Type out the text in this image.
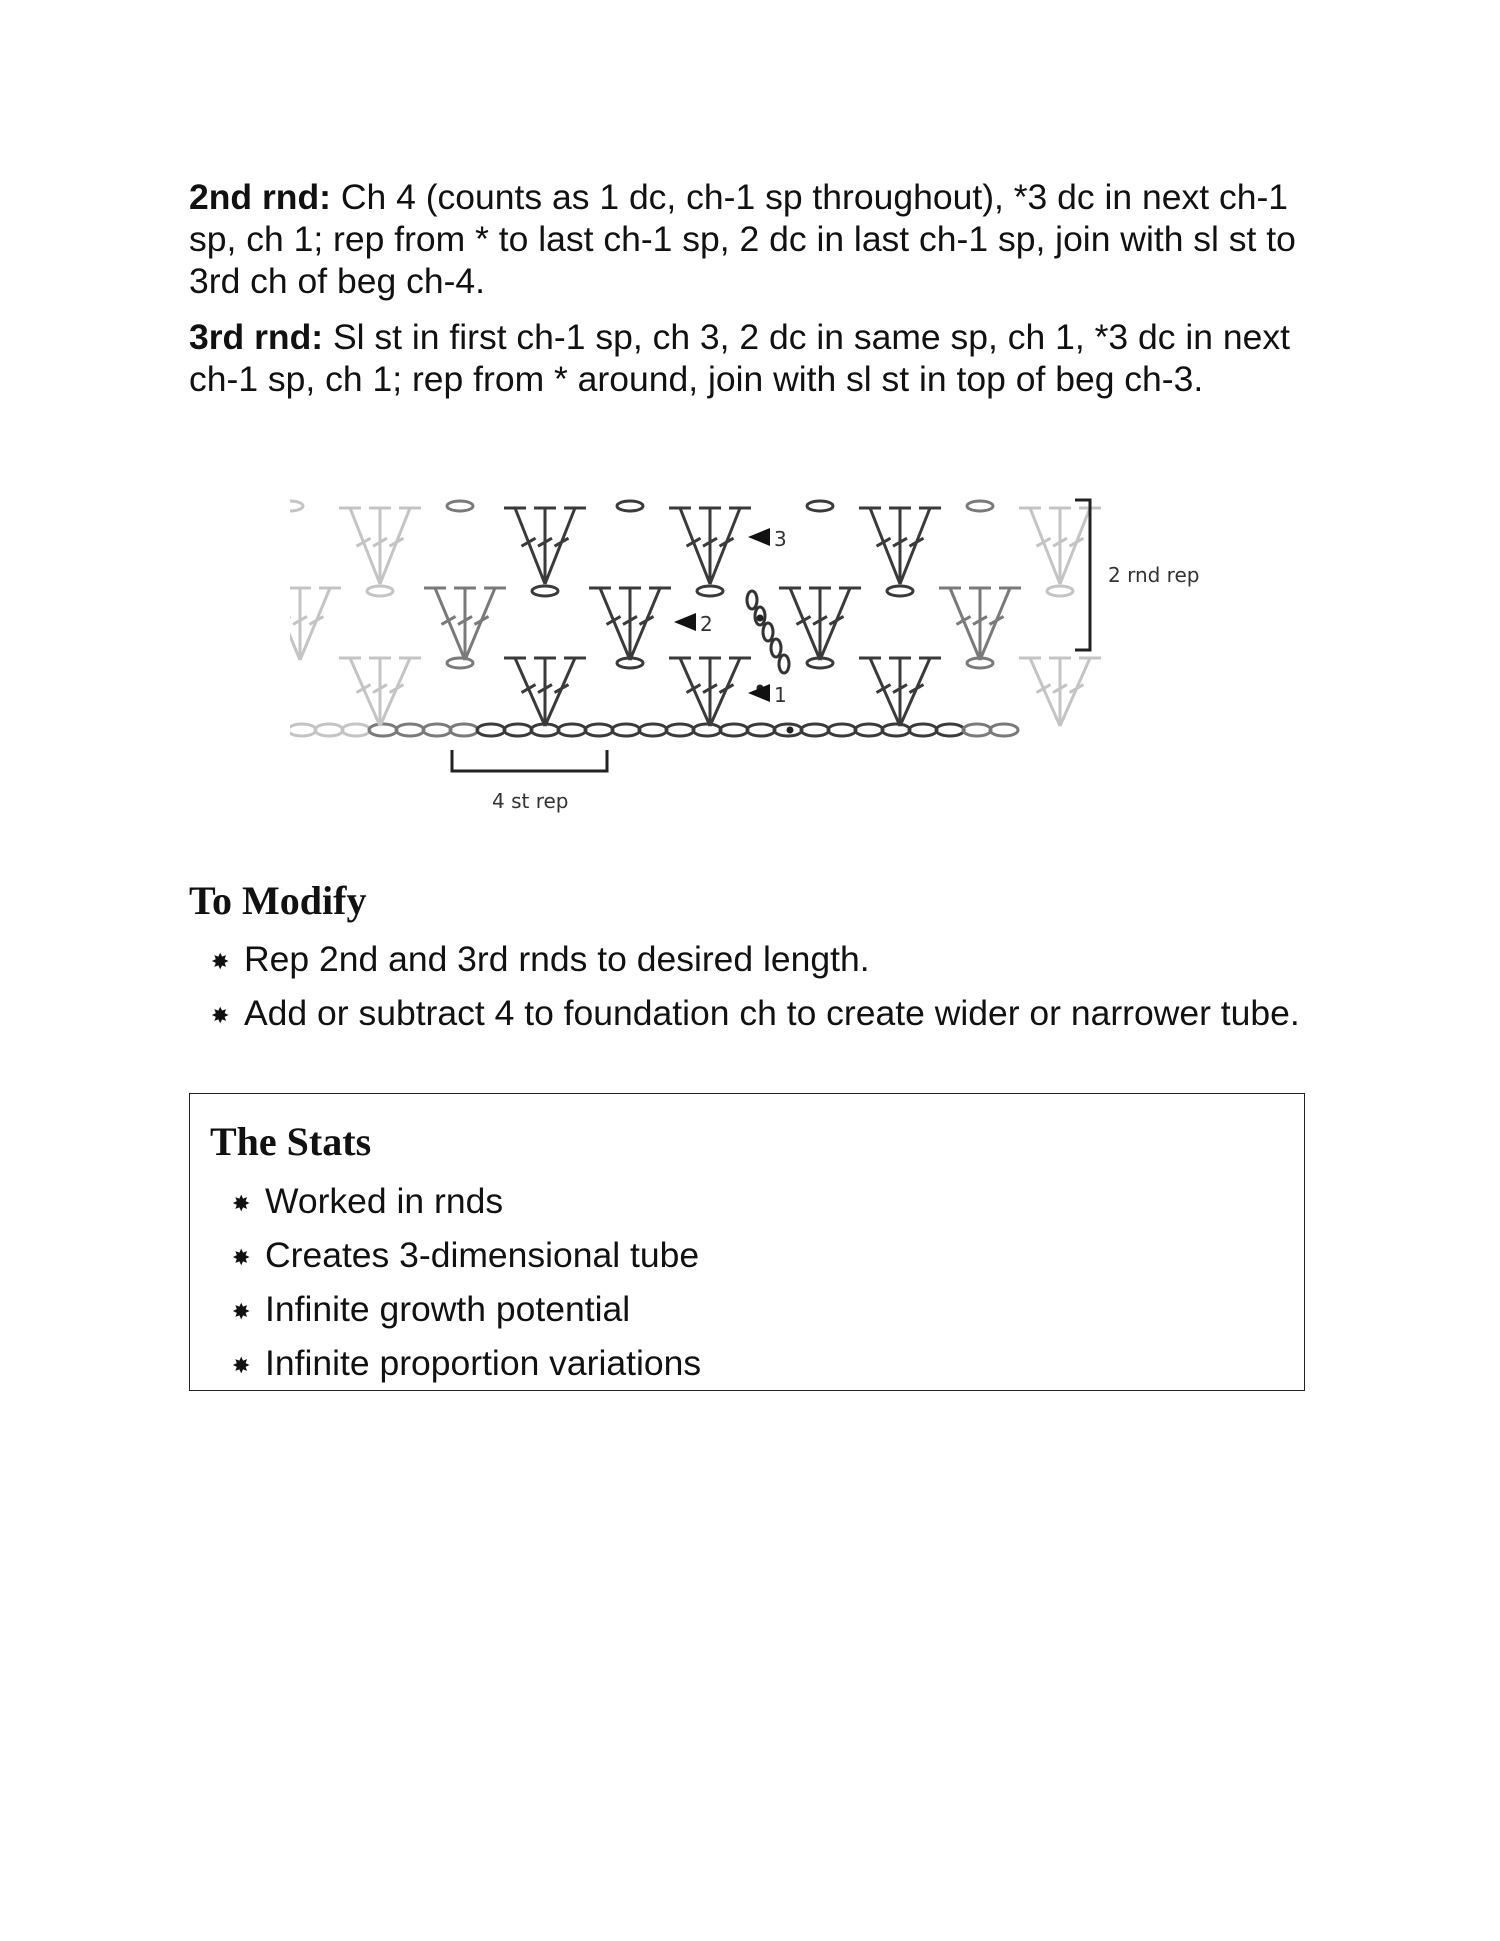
2nd rnd: Ch 4 (counts as 1 dc, ch-1 sp throughout), *3 dc in next ch-1 sp, ch 1; rep from * to last ch-1 sp, 2 dc in last ch-1 sp, join with sl st to 3rd ch of beg ch-4.

3rd rnd: Sl st in first ch-1 sp, ch 3, 2 dc in same sp, ch 1, *3 dc in next ch-1 sp, ch 1; rep from * around, join with sl st in top of beg ch-3.

3
2
1
2 rnd rep
4 st rep
To Modify
✸ Rep 2nd and 3rd rnds to desired length.
✸ Add or subtract 4 to foundation ch to create wider or narrower tube.
The Stats
✸ Worked in rnds
✸ Creates 3-dimensional tube
✸ Infinite growth potential
✸ Infinite proportion variations
